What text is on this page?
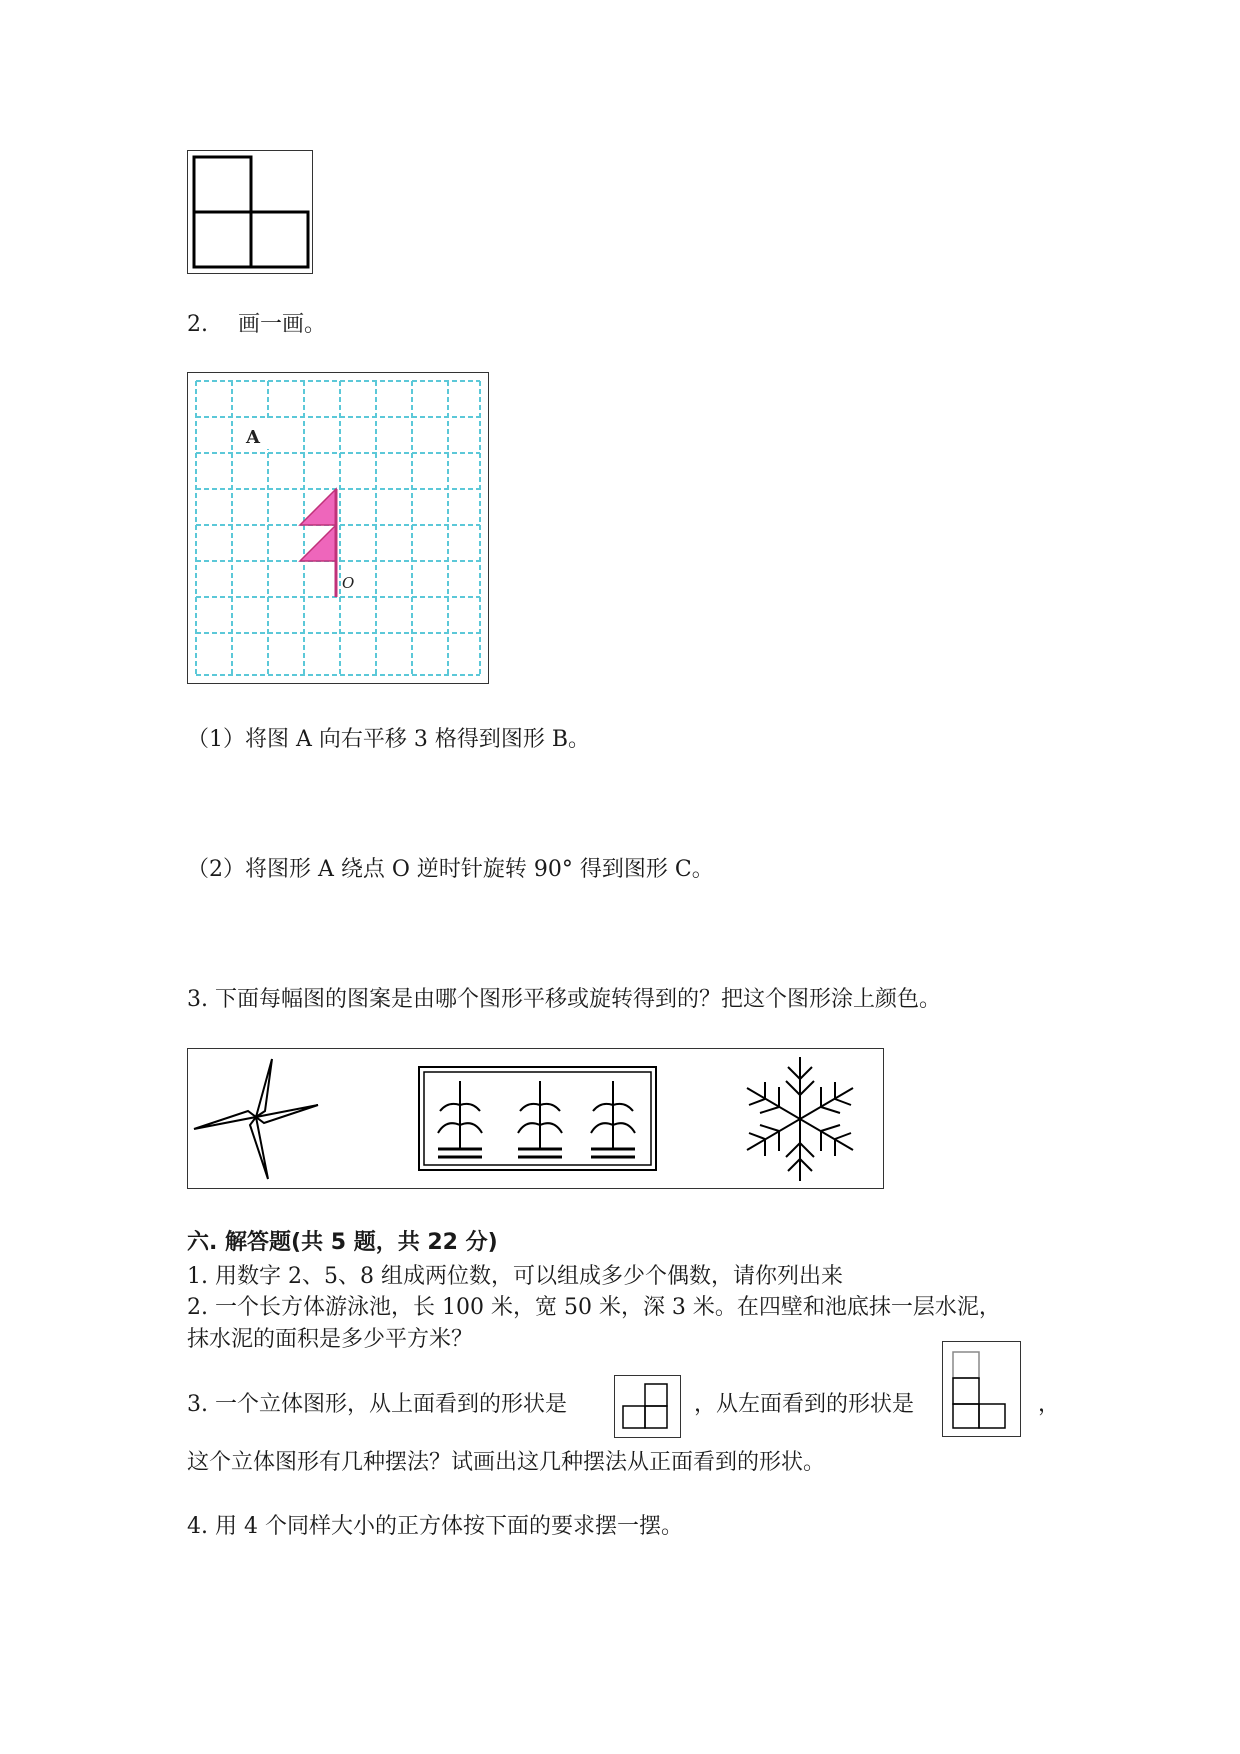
2. 画一画。
A
O
（1）将图 A 向右平移 3 格得到图形 B。
（2）将图形 A 绕点 O 逆时针旋转 90° 得到图形 C。
3. 下面每幅图的图案是由哪个图形平移或旋转得到的？把这个图形涂上颜色。
六. 解答题(共 5 题，共 22 分)
1. 用数字 2、5、8 组成两位数，可以组成多少个偶数，请你列出来
2. 一个长方体游泳池，长 100 米，宽 50 米，深 3 米。在四壁和池底抹一层水泥，
抹水泥的面积是多少平方米？
3. 一个立体图形，从上面看到的形状是	，从左面看到的形状是	，
这个立体图形有几种摆法？试画出这几种摆法从正面看到的形状。
4. 用 4 个同样大小的正方体按下面的要求摆一摆。
